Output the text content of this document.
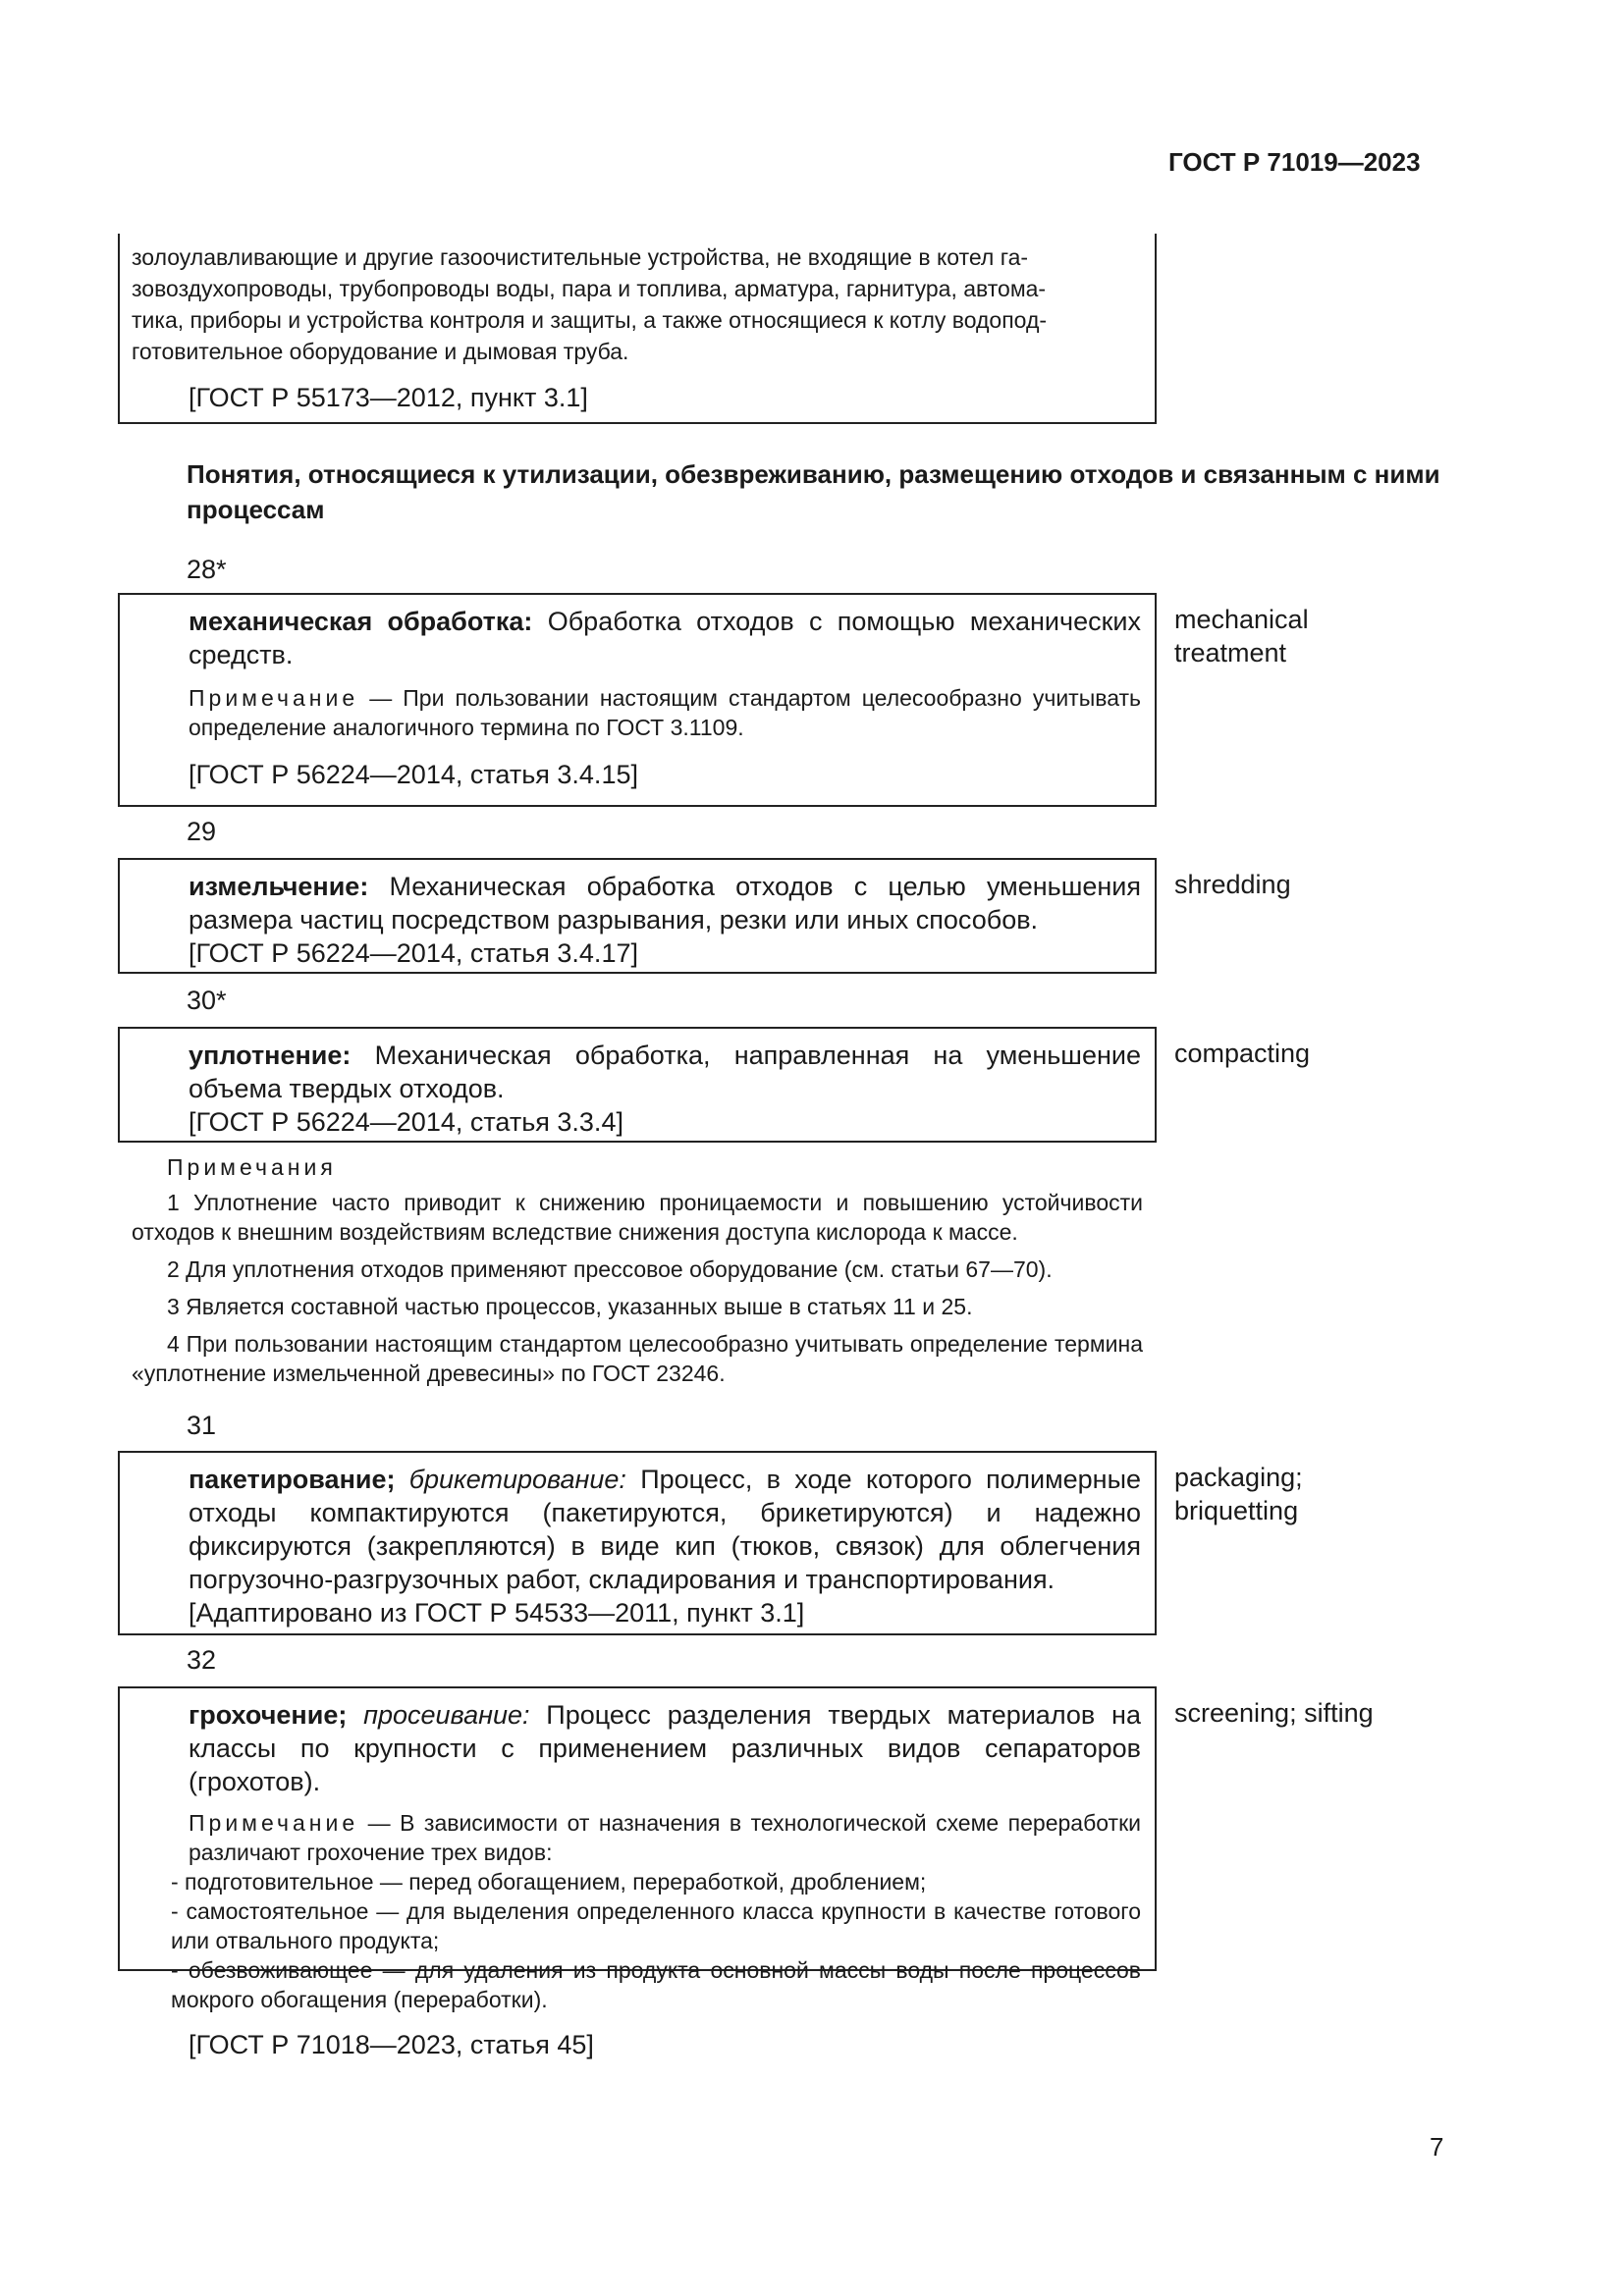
ГОСТ Р 71019—2023
золоулавливающие и другие газоочистительные устройства, не входящие в котел га-
зовоздухопроводы, трубопроводы воды, пара и топлива, арматура, гарнитура, автома-
тика, приборы и устройства контроля и защиты, а также относящиеся к котлу водопод-
готовительное оборудование и дымовая труба.

[ГОСТ Р 55173—2012, пункт 3.1]

Понятия, относящиеся к утилизации, обезвреживанию, размещению отходов и связанным с ними процессам
28*

механическая обработка: Обработка отходов с помощью механических средств.

Примечание — При пользовании настоящим стандартом целесообразно учитывать определение аналогичного термина по ГОСТ 3.1109.

[ГОСТ Р 56224—2014, статья 3.4.15]

mechanical treatment
29

измельчение: Механическая обработка отходов с целью уменьшения размера частиц посредством разрывания, резки или иных способов.

[ГОСТ Р 56224—2014, статья 3.4.17]

shredding
30*

уплотнение: Механическая обработка, направленная на уменьшение объема твердых отходов.

[ГОСТ Р 56224—2014, статья 3.3.4]

compacting

Примечания

1 Уплотнение часто приводит к снижению проницаемости и повышению устойчивости отходов к внешним воздействиям вследствие снижения доступа кислорода к массе.

2 Для уплотнения отходов применяют прессовое оборудование (см. статьи 67—70).

3 Является составной частью процессов, указанных выше в статьях 11 и 25.

4 При пользовании настоящим стандартом целесообразно учитывать определение термина «уплотнение измельченной древесины» по ГОСТ 23246.

31

пакетирование; брикетирование: Процесс, в ходе которого полимерные отходы компактируются (пакетируются, брикетируются) и надежно фиксируются (закрепляются) в виде кип (тюков, связок) для облегчения погрузочно-разгрузочных работ, складирования и транспортирования.

[Адаптировано из ГОСТ Р 54533—2011, пункт 3.1]

packaging;
briquetting
32

грохочение; просеивание: Процесс разделения твердых материалов на классы по крупности с применением различных видов сепараторов (грохотов).

Примечание — В зависимости от назначения в технологической схеме переработки различают грохочение трех видов:

- подготовительное — перед обогащением, переработкой, дроблением;

- самостоятельное — для выделения определенного класса крупности в качестве готового или отвального продукта;

- обезвоживающее — для удаления из продукта основной массы воды после процессов мокрого обогащения (переработки).

[ГОСТ Р 71018—2023, статья 45]

screening; sifting
7
